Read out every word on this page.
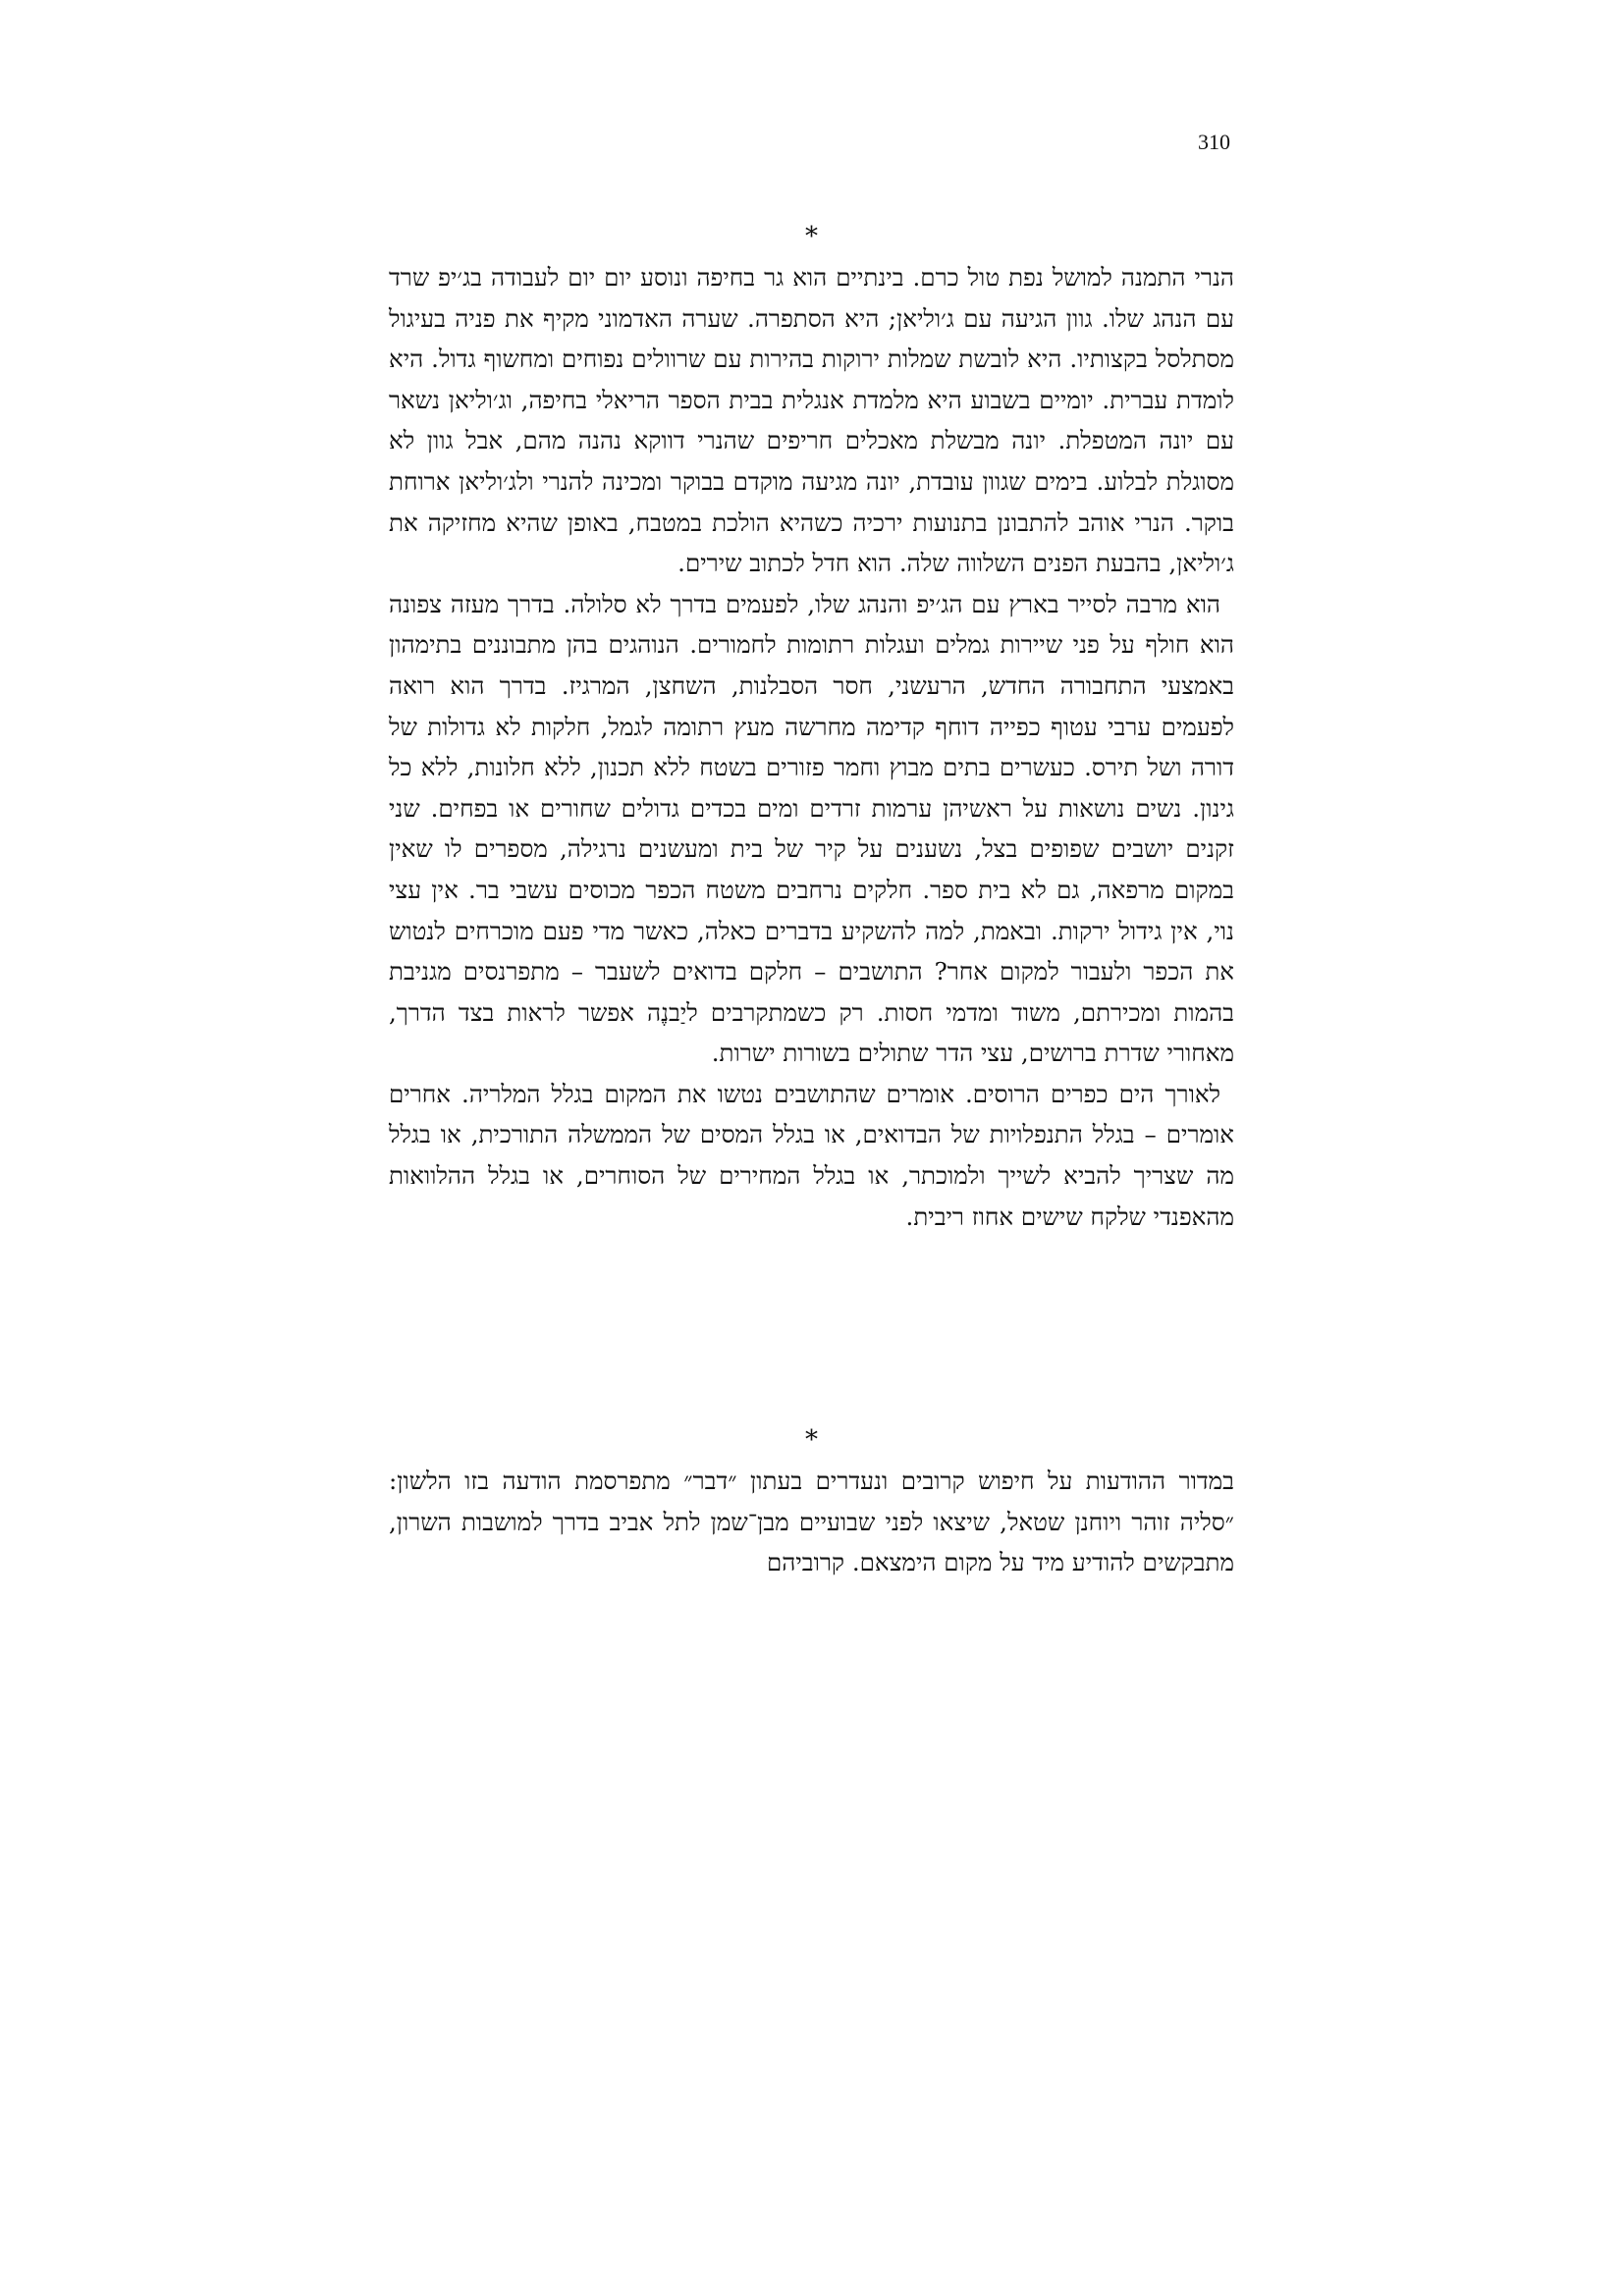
310
*

הנרי התמנה למושל נפת טול כרם. בינתיים הוא גר בחיפה ונוסע יום יום לעבודה בג׳יפ שרד עם הנהג שלו. גוון הגיעה עם ג׳וליאן; היא הסתפרה. שערה האדמוני מקיף את פניה בעיגול מסתלסל בקצותיו. היא לובשת שמלות ירוקות בהירות עם שרוולים נפוחים ומחשוף גדול. היא לומדת עברית. יומיים בשבוע היא מלמדת אנגלית בבית הספר הריאלי בחיפה, וג׳וליאן נשאר עם יונה המטפלת. יונה מבשלת מאכלים חריפים שהנרי דווקא נהנה מהם, אבל גוון לא מסוגלת לבלוע. בימים שגוון עובדת, יונה מגיעה מוקדם בבוקר ומכינה להנרי ולג׳וליאן ארוחת בוקר. הנרי אוהב להתבונן בתנועות ירכיה כשהיא הולכת במטבח, באופן שהיא מחזיקה את ג׳וליאן, בהבעת הפנים השלווה שלה. הוא חדל לכתוב שירים.

הוא מרבה לסייר בארץ עם הג׳יפ והנהג שלו, לפעמים בדרך לא סלולה. בדרך מעזה צפונה הוא חולף על פני שיירות גמלים ועגלות רתומות לחמורים. הנוהגים בהן מתבוננים בתימהון באמצעי התחבורה החדש, הרעשני, חסר הסבלנות, השחצן, המרגיז. בדרך הוא רואה לפעמים ערבי עטוף כפייה דוחף קדימה מחרשה מעץ רתומה לגמל, חלקות לא גדולות של דורה ושל תירס. כעשרים בתים מבוץ וחמר פזורים בשטח ללא תכנון, ללא חלונות, ללא כל גינון. נשים נושאות על ראשיהן ערמות זרדים ומים בכדים גדולים שחורים או בפחים. שני זקנים יושבים שפופים בצל, נשענים על קיר של בית ומעשנים נרגילה, מספרים לו שאין במקום מרפאה, גם לא בית ספר. חלקים נרחבים משטח הכפר מכוסים עשבי בר. אין עצי נוי, אין גידול ירקות. ובאמת, למה להשקיע בדברים כאלה, כאשר מדי פעם מוכרחים לנטוש את הכפר ולעבור למקום אחר? התושבים – חלקם בדואים לשעבר – מתפרנסים מגניבת בהמות ומכירתם, משוד ומדמי חסות. רק כשמתקרבים ליַבנֶה אפשר לראות בצד הדרך, מאחורי שדרת ברושים, עצי הדר שתולים בשורות ישרות.

לאורך הים כפרים הרוסים. אומרים שהתושבים נטשו את המקום בגלל המלריה. אחרים אומרים – בגלל התנפלויות של הבדואים, או בגלל המסים של הממשלה התורכית, או בגלל מה שצריך להביא לשייך ולמוכתר, או בגלל המחירים של הסוחרים, או בגלל ההלוואות מהאפנדי שלקח שישים אחוז ריבית.

*

במדור ההודעות על חיפוש קרובים ונעדרים בעתון ״דבר״ מתפרסמת הודעה בזו הלשון: ״סליה זוהר ויוחנן שטאל, שיצאו לפני שבועיים מבן־שמן לתל אביב בדרך למושבות השרון, מתבקשים להודיע מיד על מקום הימצאם. קרוביהם
